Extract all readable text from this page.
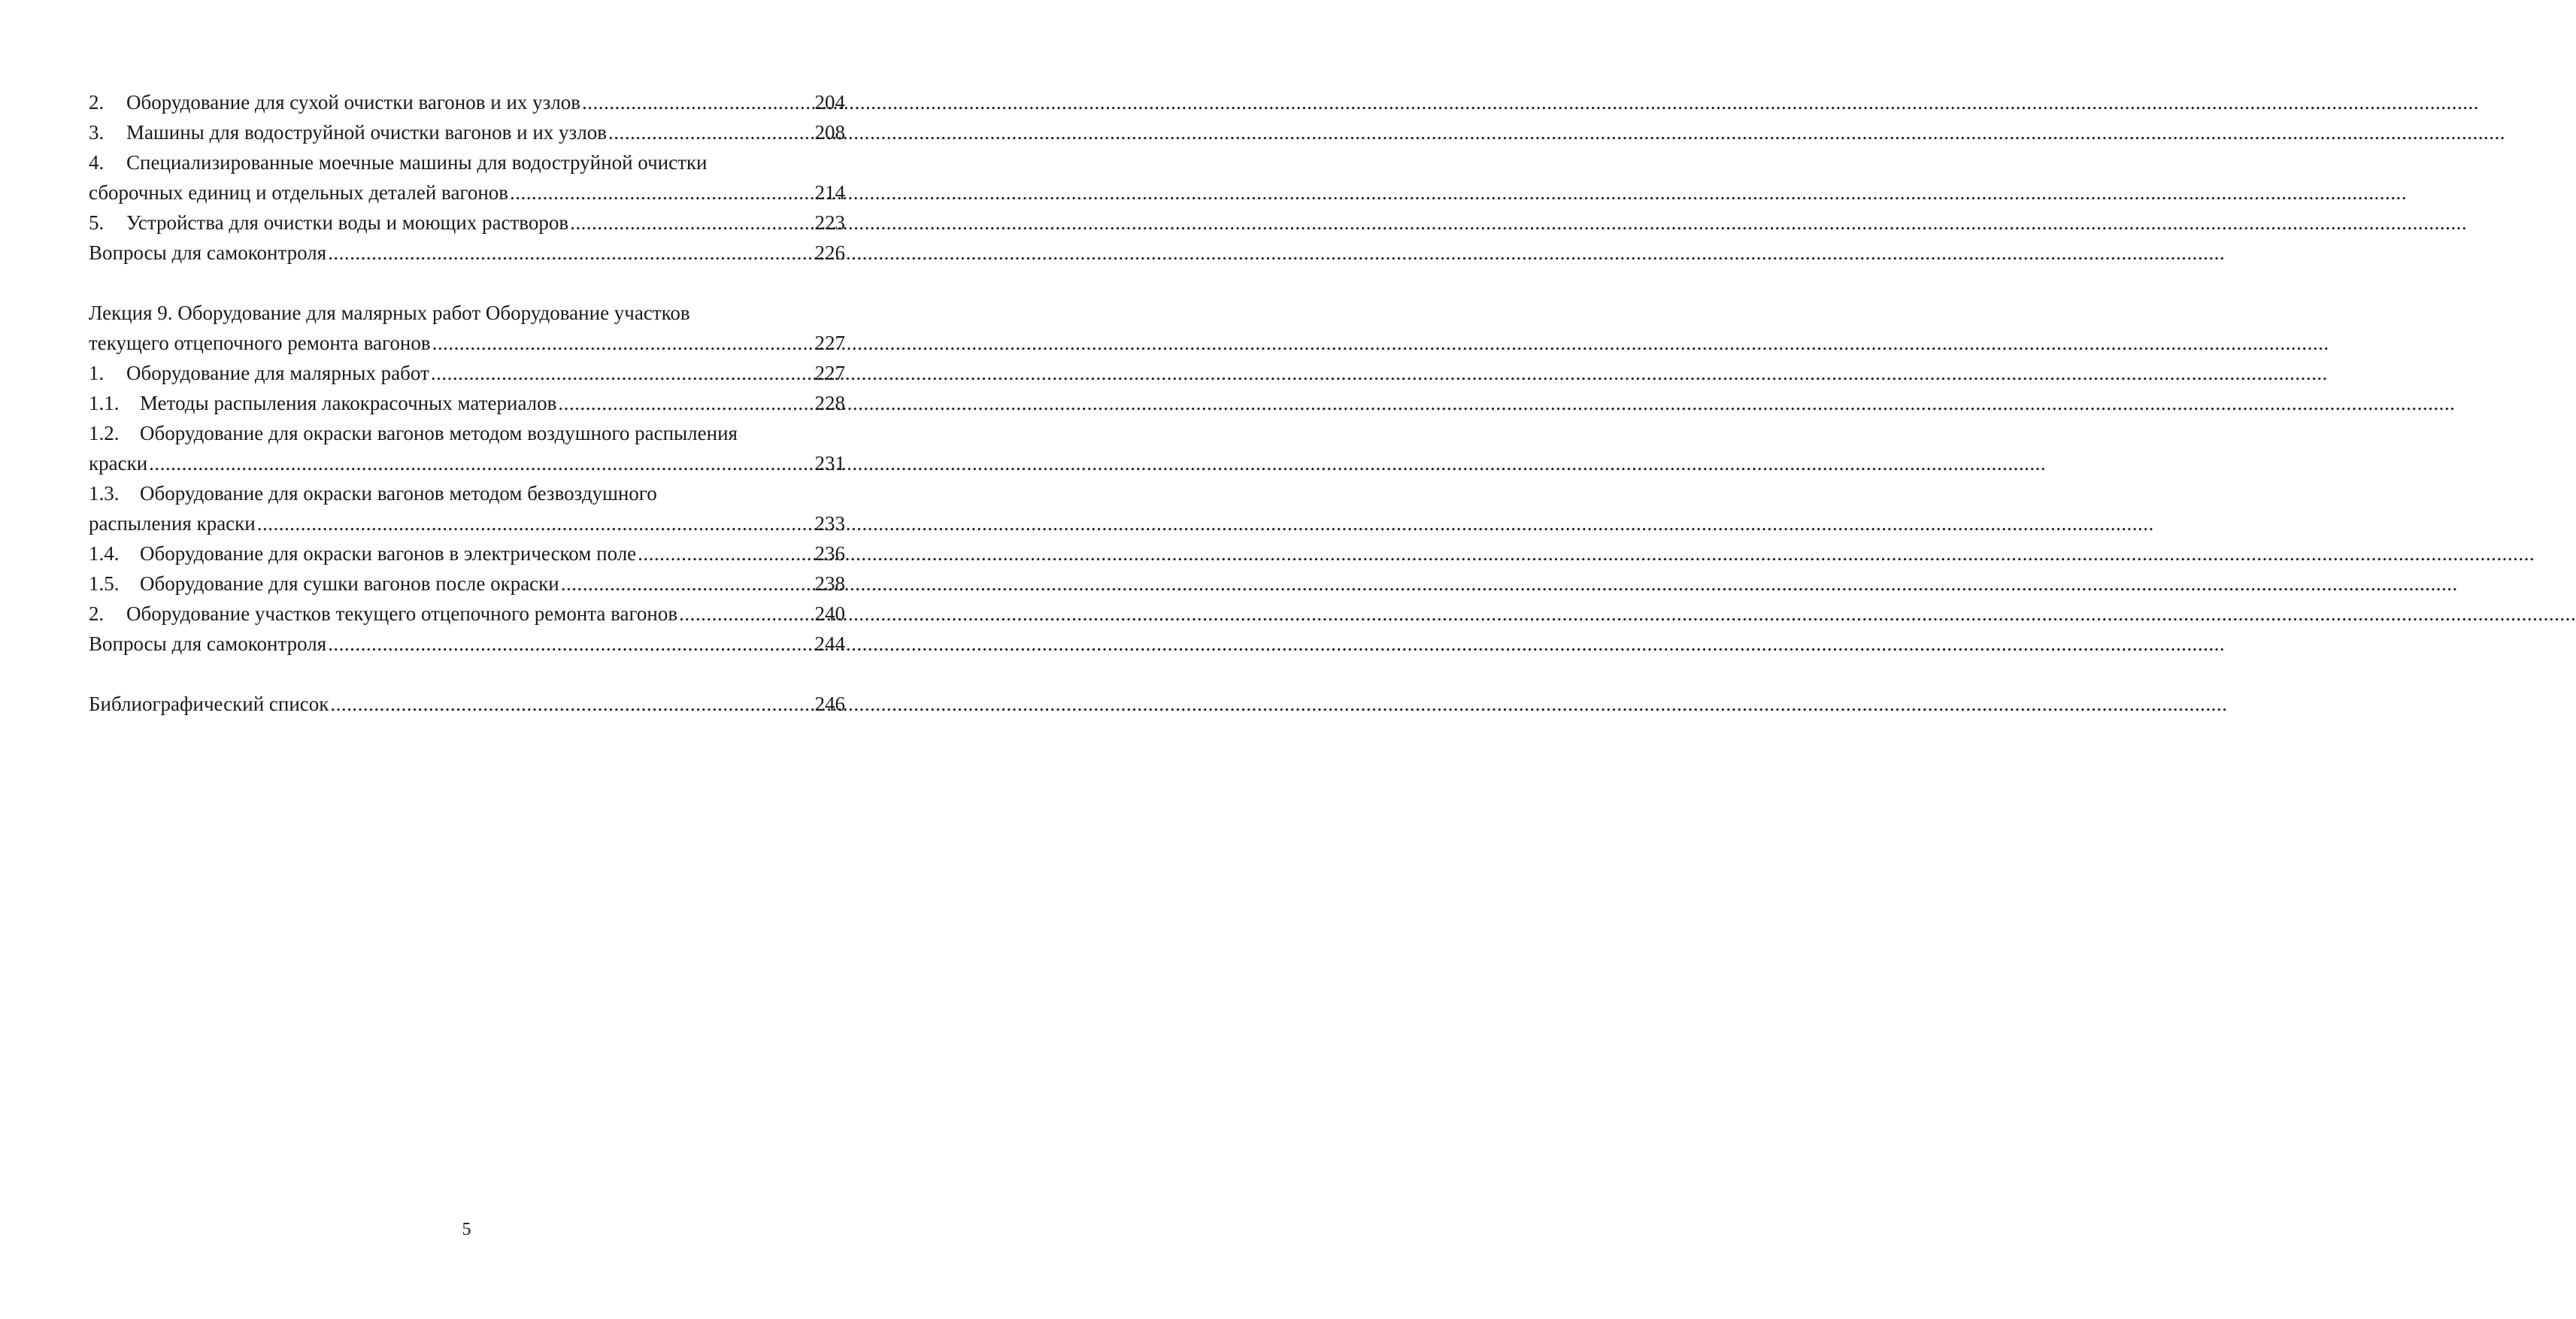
2.	Оборудование для сухой очистки вагонов и их узлов .....	204
3.	Машины для водоструйной очистки вагонов и их узлов .....	208
4.	Специализированные моечные машины для водоструйной очистки
сборочных единиц и отдельных деталей вагонов .....	214
5.	Устройства для очистки воды и моющих растворов .....	223
Вопросы для самоконтроля .....	226
Лекция 9. Оборудование для малярных работ Оборудование участков
текущего отцепочного ремонта вагонов .....	227
1.	Оборудование для малярных работ .....	227
1.1.	Методы распыления лакокрасочных материалов .....	228
1.2.	Оборудование для окраски вагонов методом воздушного распыления
краски .....	231
1.3.	Оборудование для окраски вагонов методом безвоздушного
распыления краски .....	233
1.4.	Оборудование для окраски вагонов в электрическом поле .....	236
1.5.	Оборудование для сушки вагонов после окраски .....	238
2.	Оборудование участков текущего отцепочного ремонта вагонов .....	240
Вопросы для самоконтроля .....	244
Библиографический список .....	246
5
